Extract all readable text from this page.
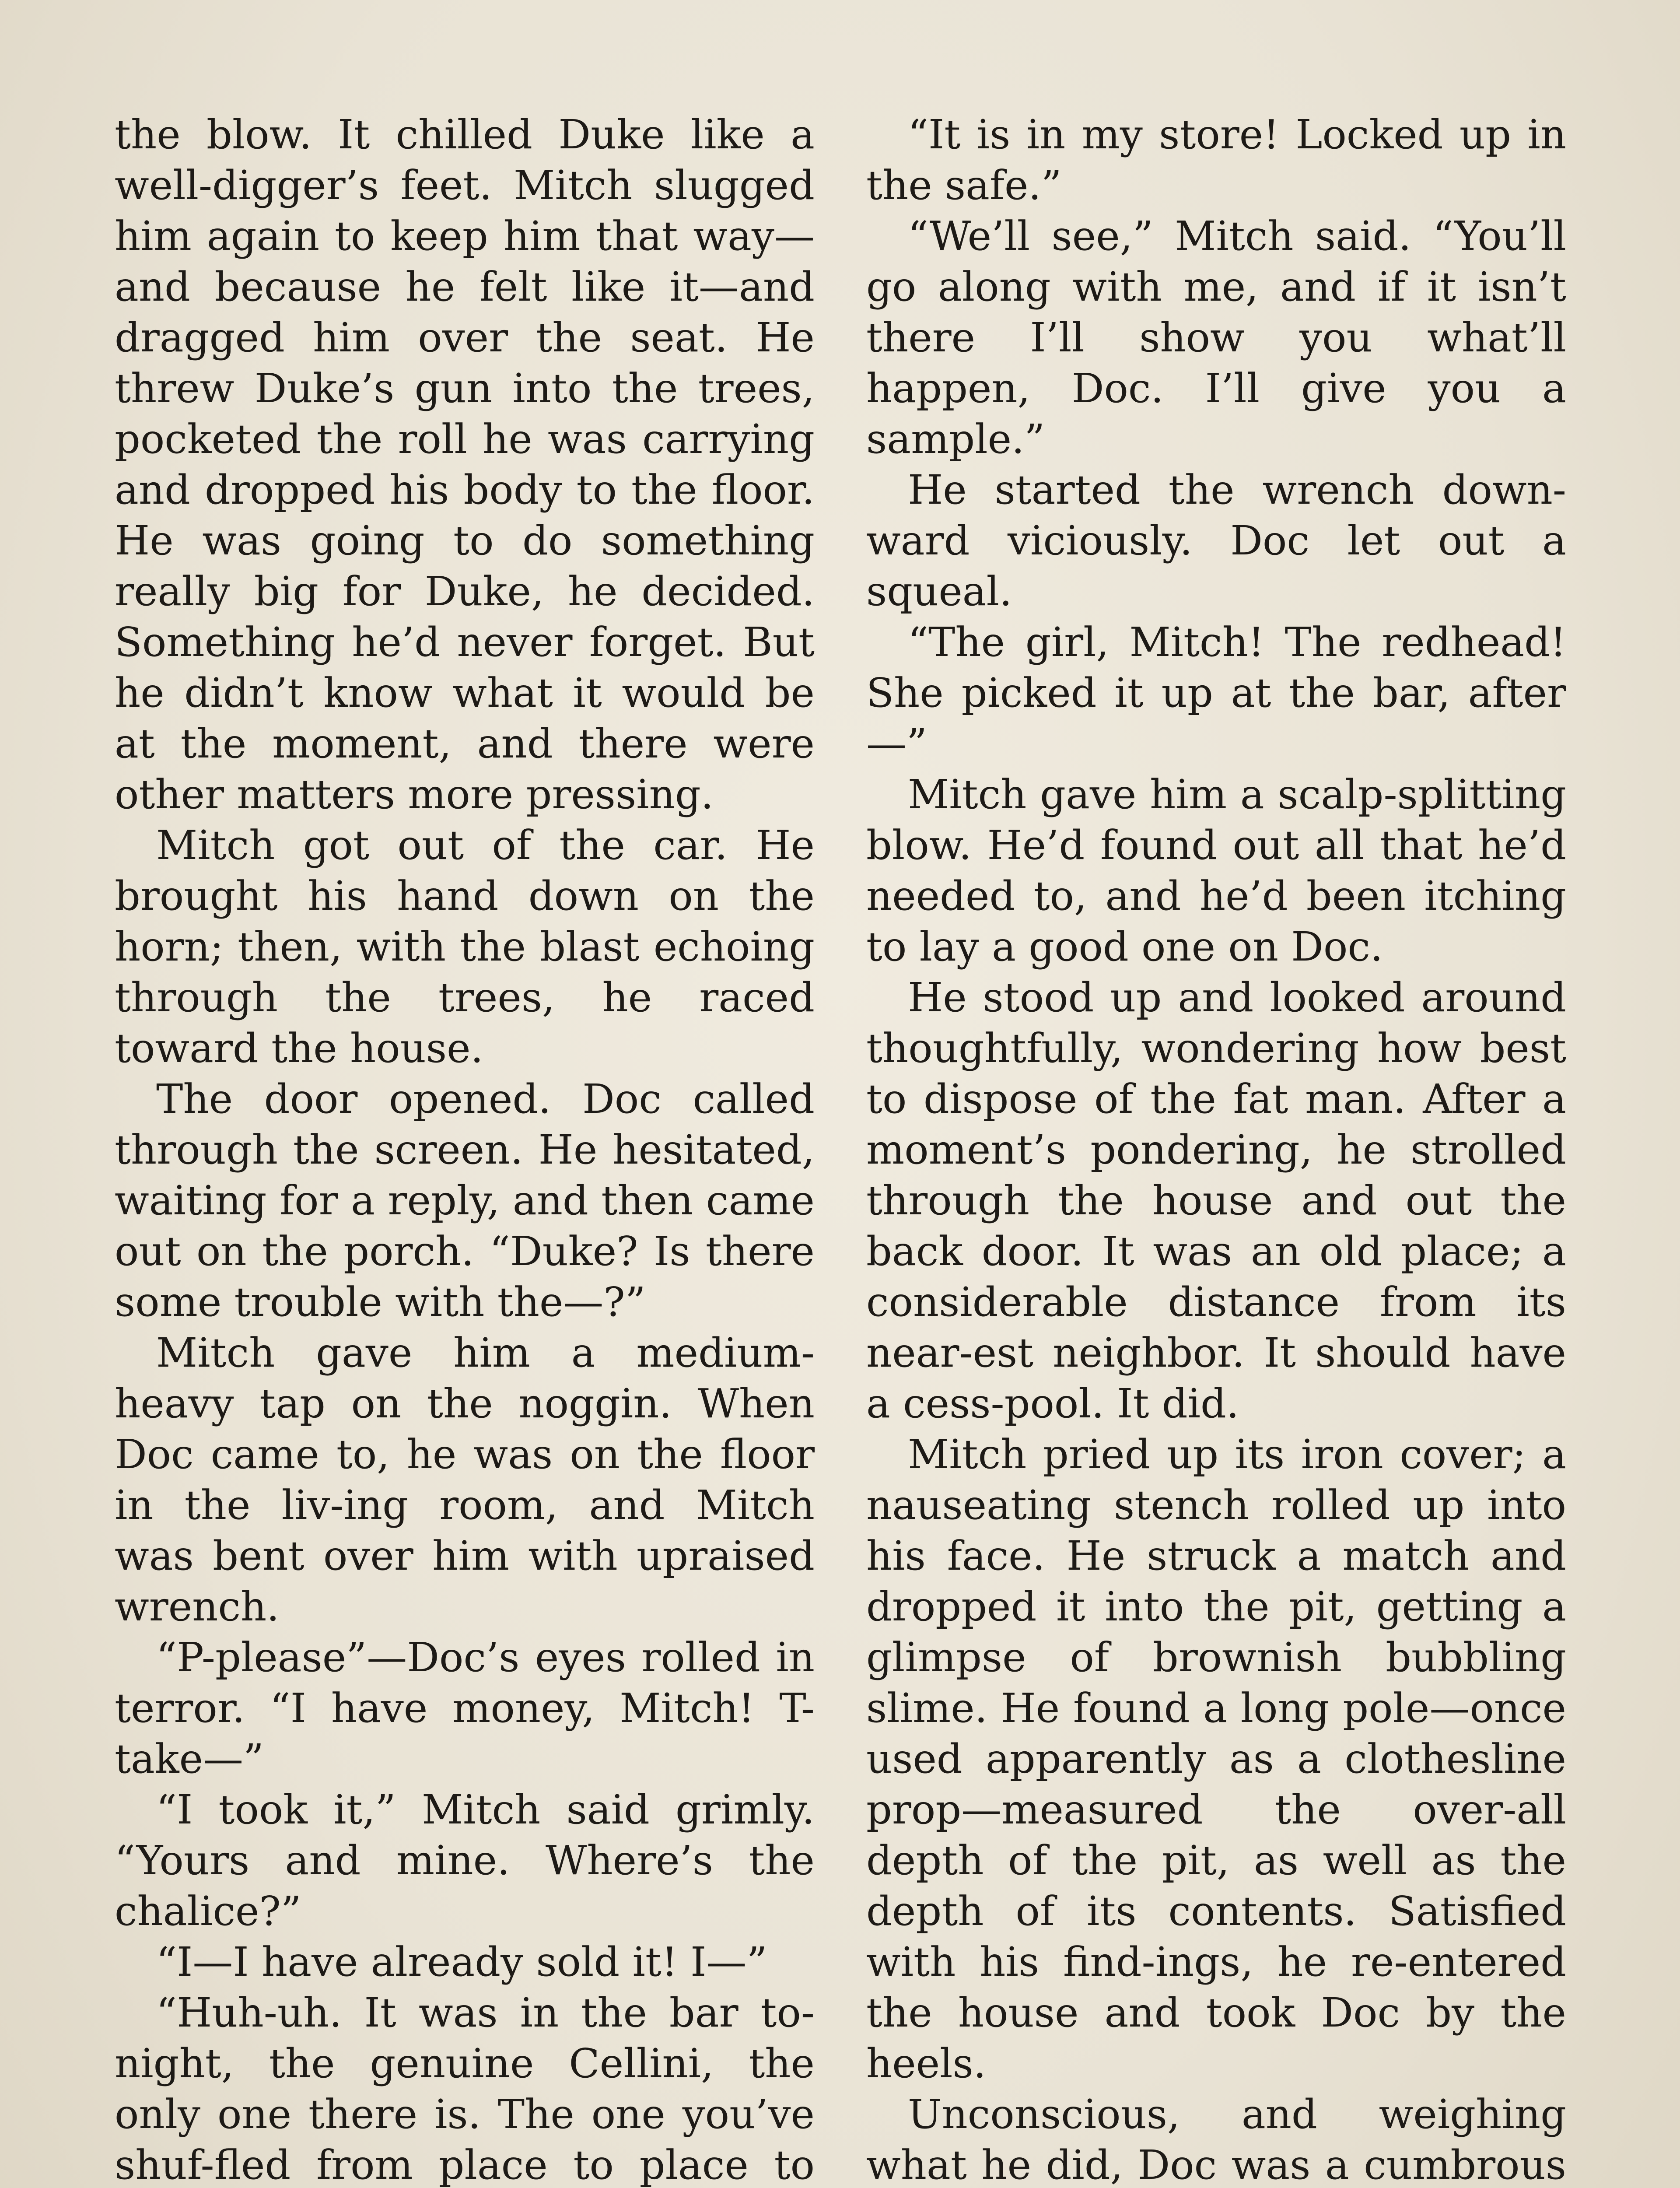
the blow. It chilled Duke like a well-digger’s feet. Mitch slugged him again to keep him that way—and because he felt like it—and dragged him over the seat. He threw Duke’s gun into the trees, pocketed the roll he was carrying and dropped his body to the floor. He was going to do something really big for Duke, he decided. Something he’d never forget. But he didn’t know what it would be at the moment, and there were other matters more pressing.

Mitch got out of the car. He brought his hand down on the horn; then, with the blast echoing through the trees, he raced toward the house.

The door opened. Doc called through the screen. He hesitated, waiting for a reply, and then came out on the porch. “Duke? Is there some trouble with the—?”

Mitch gave him a medium-heavy tap on the noggin. When Doc came to, he was on the floor in the liv-ing room, and Mitch was bent over him with upraised wrench.

“P-please”—Doc’s eyes rolled in terror. “I have money, Mitch! T-take—”

“I took it,” Mitch said grimly. “Yours and mine. Where’s the chalice?”

“I—I have already sold it! I—”

“Huh-uh. It was in the bar to-night, the genuine Cellini, the only one there is. The one you’ve shuf-fled from place to place to

“It is in my store! Locked up in the safe.”

“We’ll see,” Mitch said. “You’ll go along with me, and if it isn’t there I’ll show you what’ll happen, Doc. I’ll give you a sample.”

He started the wrench down-ward viciously. Doc let out a squeal.

“The girl, Mitch! The redhead! She picked it up at the bar, after—”

Mitch gave him a scalp-splitting blow. He’d found out all that he’d needed to, and he’d been itching to lay a good one on Doc.

He stood up and looked around thoughtfully, wondering how best to dispose of the fat man. After a moment’s pondering, he strolled through the house and out the back door. It was an old place; a considerable distance from its near-est neighbor. It should have a cess-pool. It did.

Mitch pried up its iron cover; a nauseating stench rolled up into his face. He struck a match and dropped it into the pit, getting a glimpse of brownish bubbling slime. He found a long pole—once used apparently as a clothesline prop—measured the over-all depth of the pit, as well as the depth of its contents. Satisfied with his find-ings, he re-entered the house and took Doc by the heels.

Unconscious, and weighing what he did, Doc was a cumbrous
